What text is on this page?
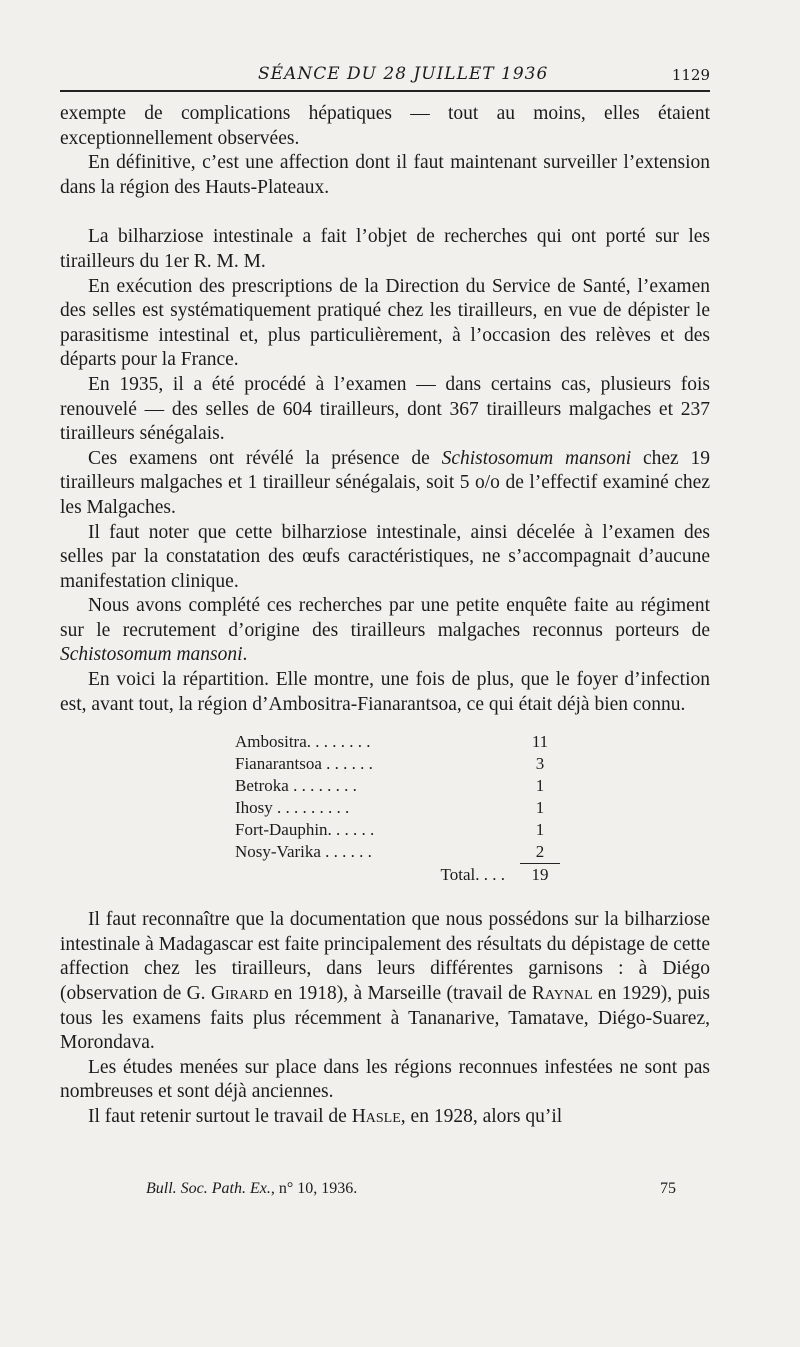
SÉANCE DU 28 JUILLET 1936	1129

exempte de complications hépatiques — tout au moins, elles étaient exceptionnellement observées.

En définitive, c’est une affection dont il faut maintenant surveiller l’extension dans la région des Hauts-Plateaux.

La bilharziose intestinale a fait l’objet de recherches qui ont porté sur les tirailleurs du 1er R. M. M.

En exécution des prescriptions de la Direction du Service de Santé, l’examen des selles est systématiquement pratiqué chez les tirailleurs, en vue de dépister le parasitisme intestinal et, plus particulièrement, à l’occasion des relèves et des départs pour la France.

En 1935, il a été procédé à l’examen — dans certains cas, plusieurs fois renouvelé — des selles de 604 tirailleurs, dont 367 tirailleurs malgaches et 237 tirailleurs sénégalais.

Ces examens ont révélé la présence de Schistosomum mansoni chez 19 tirailleurs malgaches et 1 tirailleur sénégalais, soit 5 o/o de l’effectif examiné chez les Malgaches.

Il faut noter que cette bilharziose intestinale, ainsi décelée à l’examen des selles par la constatation des œufs caractéristiques, ne s’accompagnait d’aucune manifestation clinique.

Nous avons complété ces recherches par une petite enquête faite au régiment sur le recrutement d’origine des tirailleurs malgaches reconnus porteurs de Schistosomum mansoni.

En voici la répartition. Elle montre, une fois de plus, que le foyer d’infection est, avant tout, la région d’Ambositra-Fianarantsoa, ce qui était déjà bien connu.

Ambositra. . . . . . . .	11
Fianarantsoa . . . . . .	3
Betroka . . . . . . . .	1
Ihosy . . . . . . . . .	1
Fort-Dauphin. . . . . .	1
Nosy-Varika . . . . . .	2
Total. . . .	19

Il faut reconnaître que la documentation que nous possédons sur la bilharziose intestinale à Madagascar est faite principalement des résultats du dépistage de cette affection chez les tirailleurs, dans leurs différentes garnisons : à Diégo (observation de G. Girard en 1918), à Marseille (travail de Raynal en 1929), puis tous les examens faits plus récemment à Tananarive, Tamatave, Diégo-Suarez, Morondava.

Les études menées sur place dans les régions reconnues infestées ne sont pas nombreuses et sont déjà anciennes.

Il faut retenir surtout le travail de Hasle, en 1928, alors qu’il

Bull. Soc. Path. Ex., n° 10, 1936.	75
